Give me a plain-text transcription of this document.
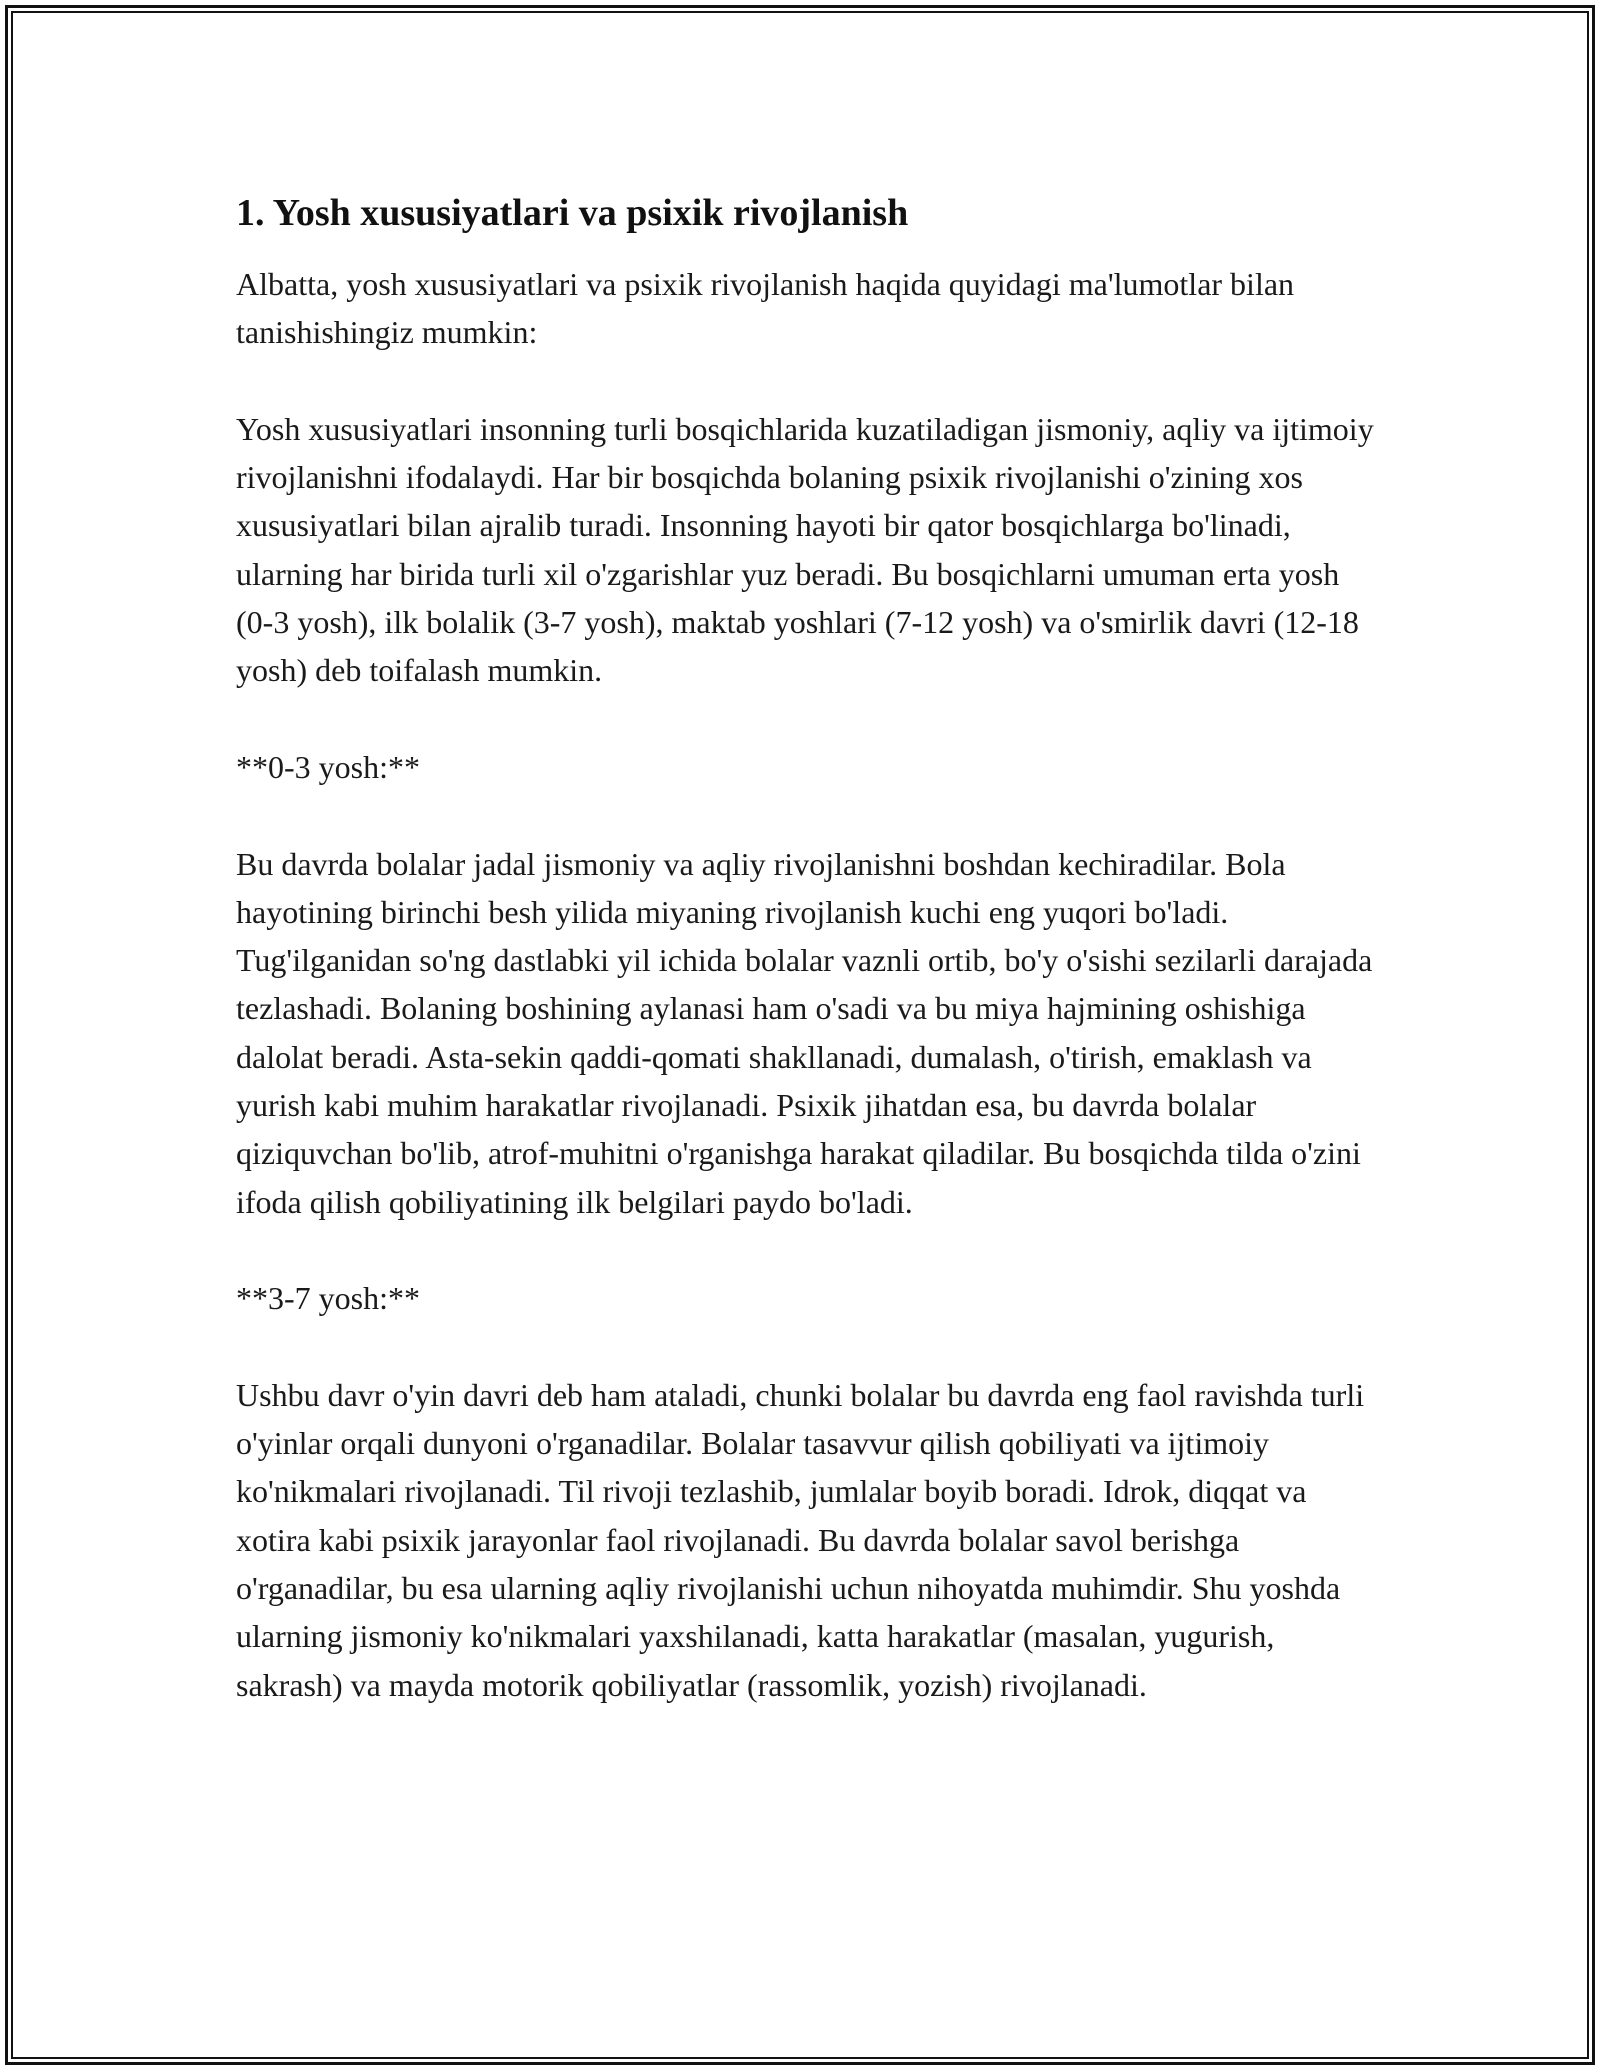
1. Yosh xususiyatlari va psixik rivojlanish

Albatta, yosh xususiyatlari va psixik rivojlanish haqida quyidagi ma'lumotlar bilan tanishishingiz mumkin:

Yosh xususiyatlari insonning turli bosqichlarida kuzatiladigan jismoniy, aqliy va ijtimoiy rivojlanishni ifodalaydi. Har bir bosqichda bolaning psixik rivojlanishi o'zining xos xususiyatlari bilan ajralib turadi. Insonning hayoti bir qator bosqichlarga bo'linadi, ularning har birida turli xil o'zgarishlar yuz beradi. Bu bosqichlarni umuman erta yosh (0-3 yosh), ilk bolalik (3-7 yosh), maktab yoshlari (7-12 yosh) va o'smirlik davri (12-18 yosh) deb toifalash mumkin.

**0-3 yosh:**

Bu davrda bolalar jadal jismoniy va aqliy rivojlanishni boshdan kechiradilar. Bola hayotining birinchi besh yilida miyaning rivojlanish kuchi eng yuqori bo'ladi. Tug'ilganidan so'ng dastlabki yil ichida bolalar vaznli ortib, bo'y o'sishi sezilarli darajada tezlashadi. Bolaning boshining aylanasi ham o'sadi va bu miya hajmining oshishiga dalolat beradi. Asta-sekin qaddi-qomati shakllanadi, dumalash, o'tirish, emaklash va yurish kabi muhim harakatlar rivojlanadi. Psixik jihatdan esa, bu davrda bolalar qiziquvchan bo'lib, atrof-muhitni o'rganishga harakat qiladilar. Bu bosqichda tilda o'zini ifoda qilish qobiliyatining ilk belgilari paydo bo'ladi.

**3-7 yosh:**

Ushbu davr o'yin davri deb ham ataladi, chunki bolalar bu davrda eng faol ravishda turli o'yinlar orqali dunyoni o'rganadilar. Bolalar tasavvur qilish qobiliyati va ijtimoiy ko'nikmalari rivojlanadi. Til rivoji tezlashib, jumlalar boyib boradi. Idrok, diqqat va xotira kabi psixik jarayonlar faol rivojlanadi. Bu davrda bolalar savol berishga o'rganadilar, bu esa ularning aqliy rivojlanishi uchun nihoyatda muhimdir. Shu yoshda ularning jismoniy ko'nikmalari yaxshilanadi, katta harakatlar (masalan, yugurish, sakrash) va mayda motorik qobiliyatlar (rassomlik, yozish) rivojlanadi.
